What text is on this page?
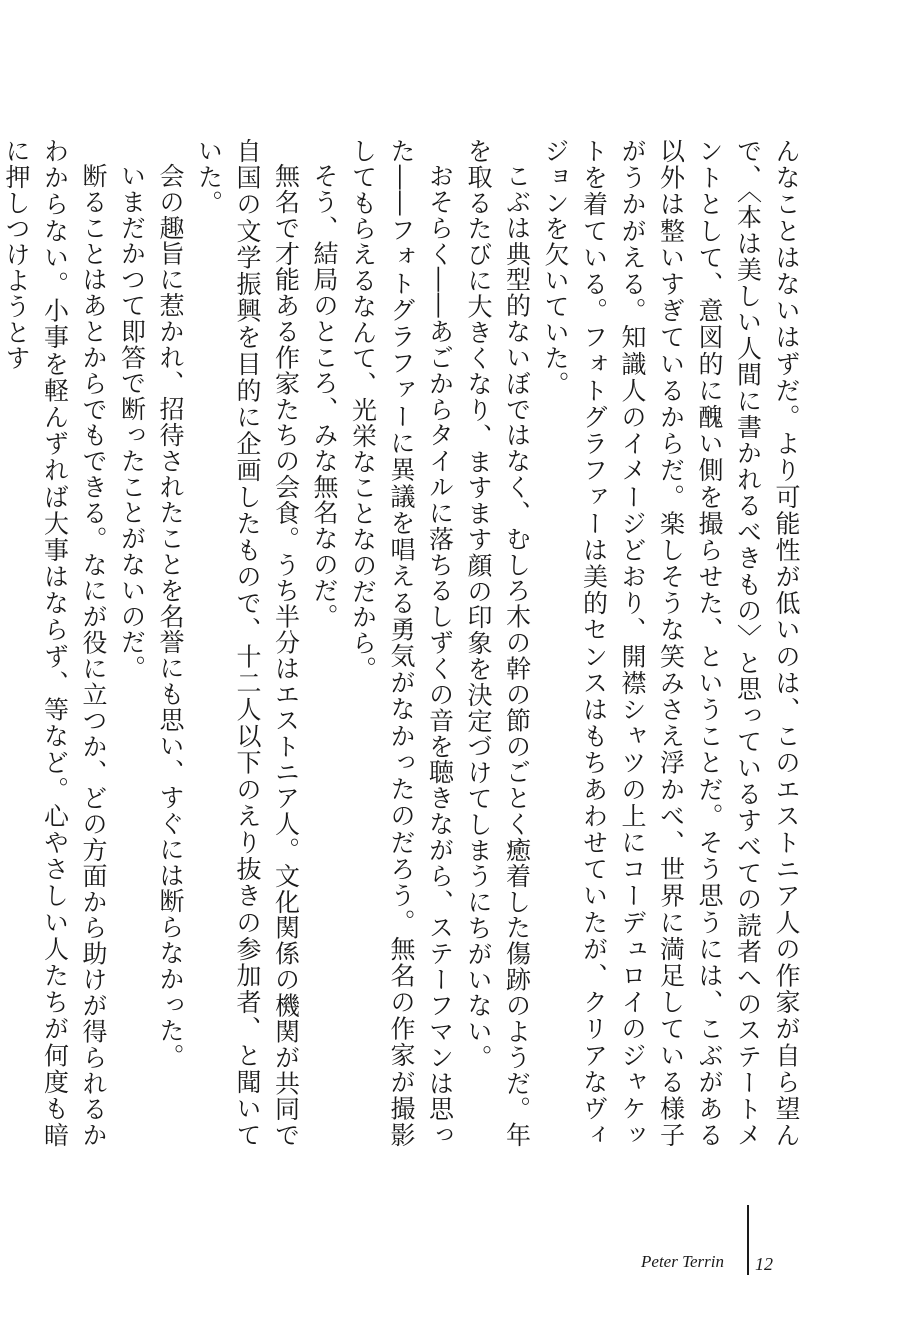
んなことはないはずだ。より可能性が低いのは、このエストニア人の作家が自ら望んで、〈本は美しい人間に書かれるべきもの〉と思っているすべての読者へのステートメントとして、意図的に醜い側を撮らせた、ということだ。そう思うには、こぶがある以外は整いすぎているからだ。楽しそうな笑みさえ浮かべ、世界に満足している様子がうかがえる。知識人のイメージどおり、開襟シャツの上にコーデュロイのジャケットを着ている。フォトグラファーは美的センスはもちあわせていたが、クリアなヴィジョンを欠いていた。

こぶは典型的ないぼではなく、むしろ木の幹の節のごとく癒着した傷跡のようだ。年を取るたびに大きくなり、ますます顔の印象を決定づけてしまうにちがいない。

おそらく――あごからタイルに落ちるしずくの音を聴きながら、ステーフマンは思った――フォトグラファーに異議を唱える勇気がなかったのだろう。無名の作家が撮影してもらえるなんて、光栄なことなのだから。

そう、結局のところ、みな無名なのだ。

無名で才能ある作家たちの会食。うち半分はエストニア人。文化関係の機関が共同で自国の文学振興を目的に企画したもので、十二人以下のえり抜きの参加者、と聞いていた。

会の趣旨に惹かれ、招待されたことを名誉にも思い、すぐには断らなかった。

いまだかつて即答で断ったことがないのだ。

断ることはあとからでもできる。なにが役に立つか、どの方面から助けが得られるかわからない。小事を軽んずれば大事はならず、等など。心やさしい人たちが何度も暗に押しつけようとす

Peter Terrin 12
